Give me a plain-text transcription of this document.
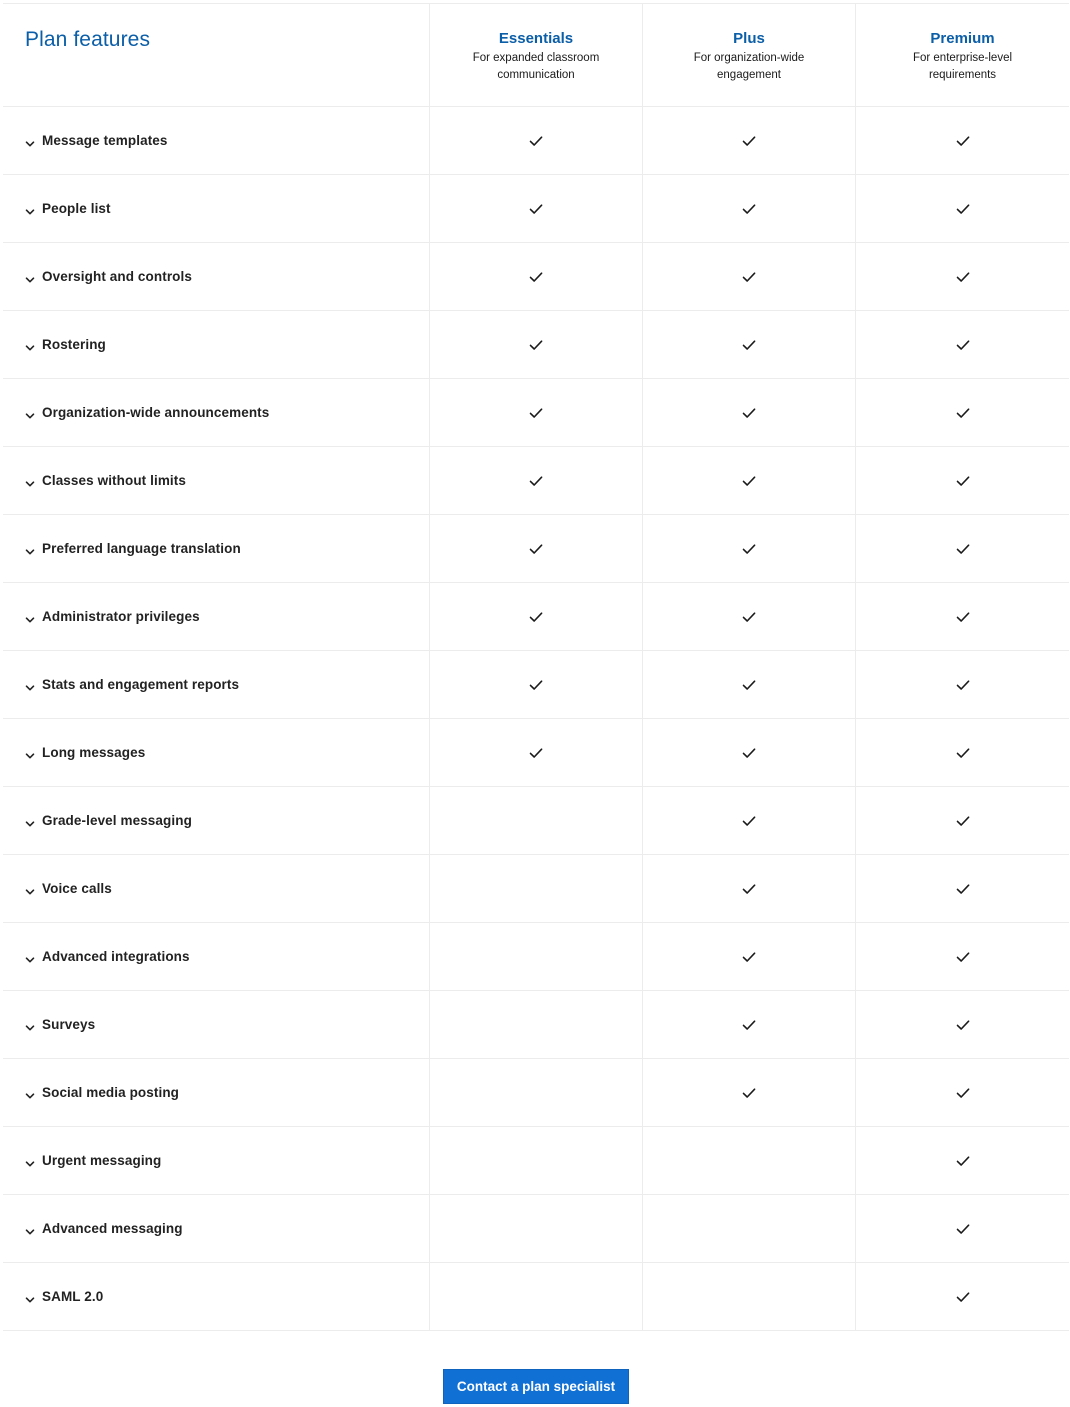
Plan features	Essentials
For expanded classroom communication
Plus
For organization-wide engagement
Premium
For enterprise-level requirements
Message templates
People list
Oversight and controls
Rostering
Organization-wide announcements
Classes without limits
Preferred language translation
Administrator privileges
Stats and engagement reports
Long messages
Grade-level messaging
Voice calls
Advanced integrations
Surveys
Social media posting
Urgent messaging
Advanced messaging
SAML 2.0
Contact a plan specialist
